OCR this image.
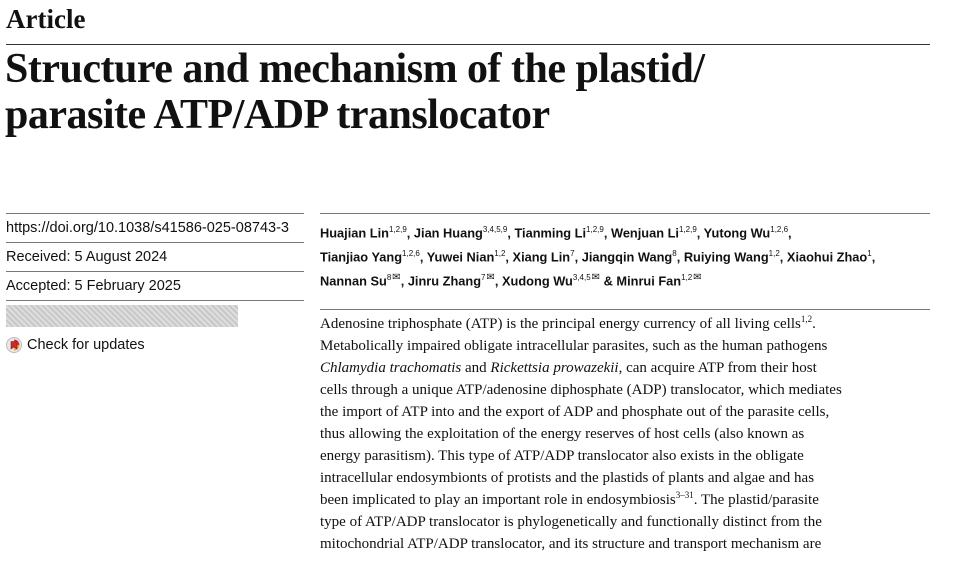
Article
Structure and mechanism of the plastid/
parasite ATP/ADP translocator
https://doi.org/10.1038/s41586-025-08743-3
Received: 5 August 2024
Accepted: 5 February 2025
Check for updates
Huajian Lin$^{1,2,9}$, Jian Huang$^{3,4,5,9}$, Tianming Li$^{1,2,9}$, Wenjuan Li$^{1,2,9}$, Yutong Wu$^{1,2,6}$,
Tianjiao Yang$^{1,2,6}$, Yuwei Nian$^{1,2}$, Xiang Lin$^7$, Jiangqin Wang$^8$, Ruiying Wang$^{1,2}$, Xiaohui Zhao$^1$,
Nannan Su$^8$✉, Jinru Zhang$^7$✉, Xudong Wu$^{3,4,5}$✉ & Minrui Fan$^{1,2}$✉
Adenosine triphosphate (ATP) is the principal energy currency of all living cells$^{1,2}$.
Metabolically impaired obligate intracellular parasites, such as the human pathogens
Chlamydia trachomatis and Rickettsia prowazekii, can acquire ATP from their host
cells through a unique ATP/adenosine diphosphate (ADP) translocator, which mediates
the import of ATP into and the export of ADP and phosphate out of the parasite cells,
thus allowing the exploitation of the energy reserves of host cells (also known as
energy parasitism). This type of ATP/ADP translocator also exists in the obligate
intracellular endosymbionts of protists and the plastids of plants and algae and has
been implicated to play an important role in endosymbiosis$^{3-31}$. The plastid/parasite
type of ATP/ADP translocator is phylogenetically and functionally distinct from the
mitochondrial ATP/ADP translocator, and its structure and transport mechanism are
